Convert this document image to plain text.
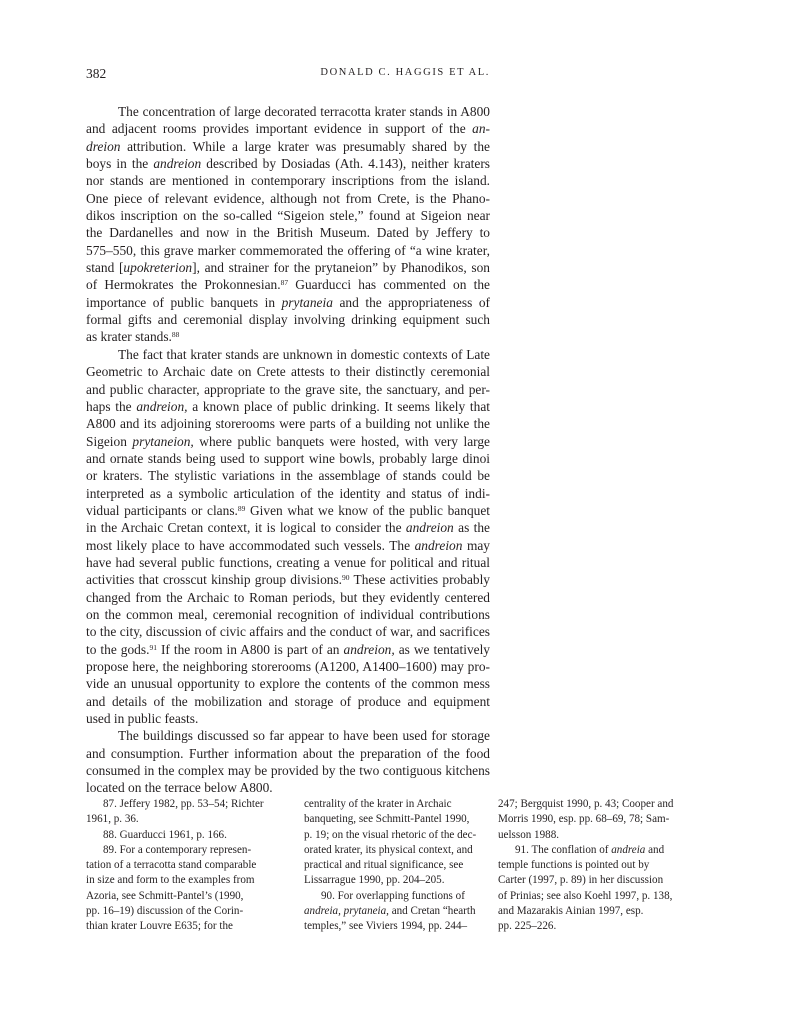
382	DONALD C. HAGGIS ET AL.
The concentration of large decorated terracotta krater stands in A800
and adjacent rooms provides important evidence in support of the an-
dreion attribution. While a large krater was presumably shared by the
boys in the andreion described by Dosiadas (Ath. 4.143), neither kraters
nor stands are mentioned in contemporary inscriptions from the island.
One piece of relevant evidence, although not from Crete, is the Phano-
dikos inscription on the so-called “Sigeion stele,” found at Sigeion near
the Dardanelles and now in the British Museum. Dated by Jeffery to
575–550, this grave marker commemorated the offering of “a wine krater,
stand [upokreterion], and strainer for the prytaneion” by Phanodikos, son
of Hermokrates the Prokonnesian.$^{87}$ Guarducci has commented on the
importance of public banquets in prytaneia and the appropriateness of
formal gifts and ceremonial display involving drinking equipment such
as krater stands.$^{88}$
The fact that krater stands are unknown in domestic contexts of Late
Geometric to Archaic date on Crete attests to their distinctly ceremonial
and public character, appropriate to the grave site, the sanctuary, and per-
haps the andreion, a known place of public drinking. It seems likely that
A800 and its adjoining storerooms were parts of a building not unlike the
Sigeion prytaneion, where public banquets were hosted, with very large
and ornate stands being used to support wine bowls, probably large dinoi
or kraters. The stylistic variations in the assemblage of stands could be
interpreted as a symbolic articulation of the identity and status of indi-
vidual participants or clans.$^{89}$ Given what we know of the public banquet
in the Archaic Cretan context, it is logical to consider the andreion as the
most likely place to have accommodated such vessels. The andreion may
have had several public functions, creating a venue for political and ritual
activities that crosscut kinship group divisions.$^{90}$ These activities probably
changed from the Archaic to Roman periods, but they evidently centered
on the common meal, ceremonial recognition of individual contributions
to the city, discussion of civic affairs and the conduct of war, and sacrifices
to the gods.$^{91}$ If the room in A800 is part of an andreion, as we tentatively
propose here, the neighboring storerooms (A1200, A1400–1600) may pro-
vide an unusual opportunity to explore the contents of the common mess
and details of the mobilization and storage of produce and equipment
used in public feasts.
The buildings discussed so far appear to have been used for storage
and consumption. Further information about the preparation of the food
consumed in the complex may be provided by the two contiguous kitchens
located on the terrace below A800.
87. Jeffery 1982, pp. 53–54; Richter
1961, p. 36.
88. Guarducci 1961, p. 166.
89. For a contemporary represen-
tation of a terracotta stand comparable
in size and form to the examples from
Azoria, see Schmitt-Pantel’s (1990,
pp. 16–19) discussion of the Corin-
thian krater Louvre E635; for the
centrality of the krater in Archaic
banqueting, see Schmitt-Pantel 1990,
p. 19; on the visual rhetoric of the dec-
orated krater, its physical context, and
practical and ritual significance, see
Lissarrague 1990, pp. 204–205.
90. For overlapping functions of
andreia, prytaneia, and Cretan “hearth
temples,” see Viviers 1994, pp. 244–
247; Bergquist 1990, p. 43; Cooper and
Morris 1990, esp. pp. 68–69, 78; Sam-
uelsson 1988.
91. The conflation of andreia and
temple functions is pointed out by
Carter (1997, p. 89) in her discussion
of Prinias; see also Koehl 1997, p. 138,
and Mazarakis Ainian 1997, esp.
pp. 225–226.
